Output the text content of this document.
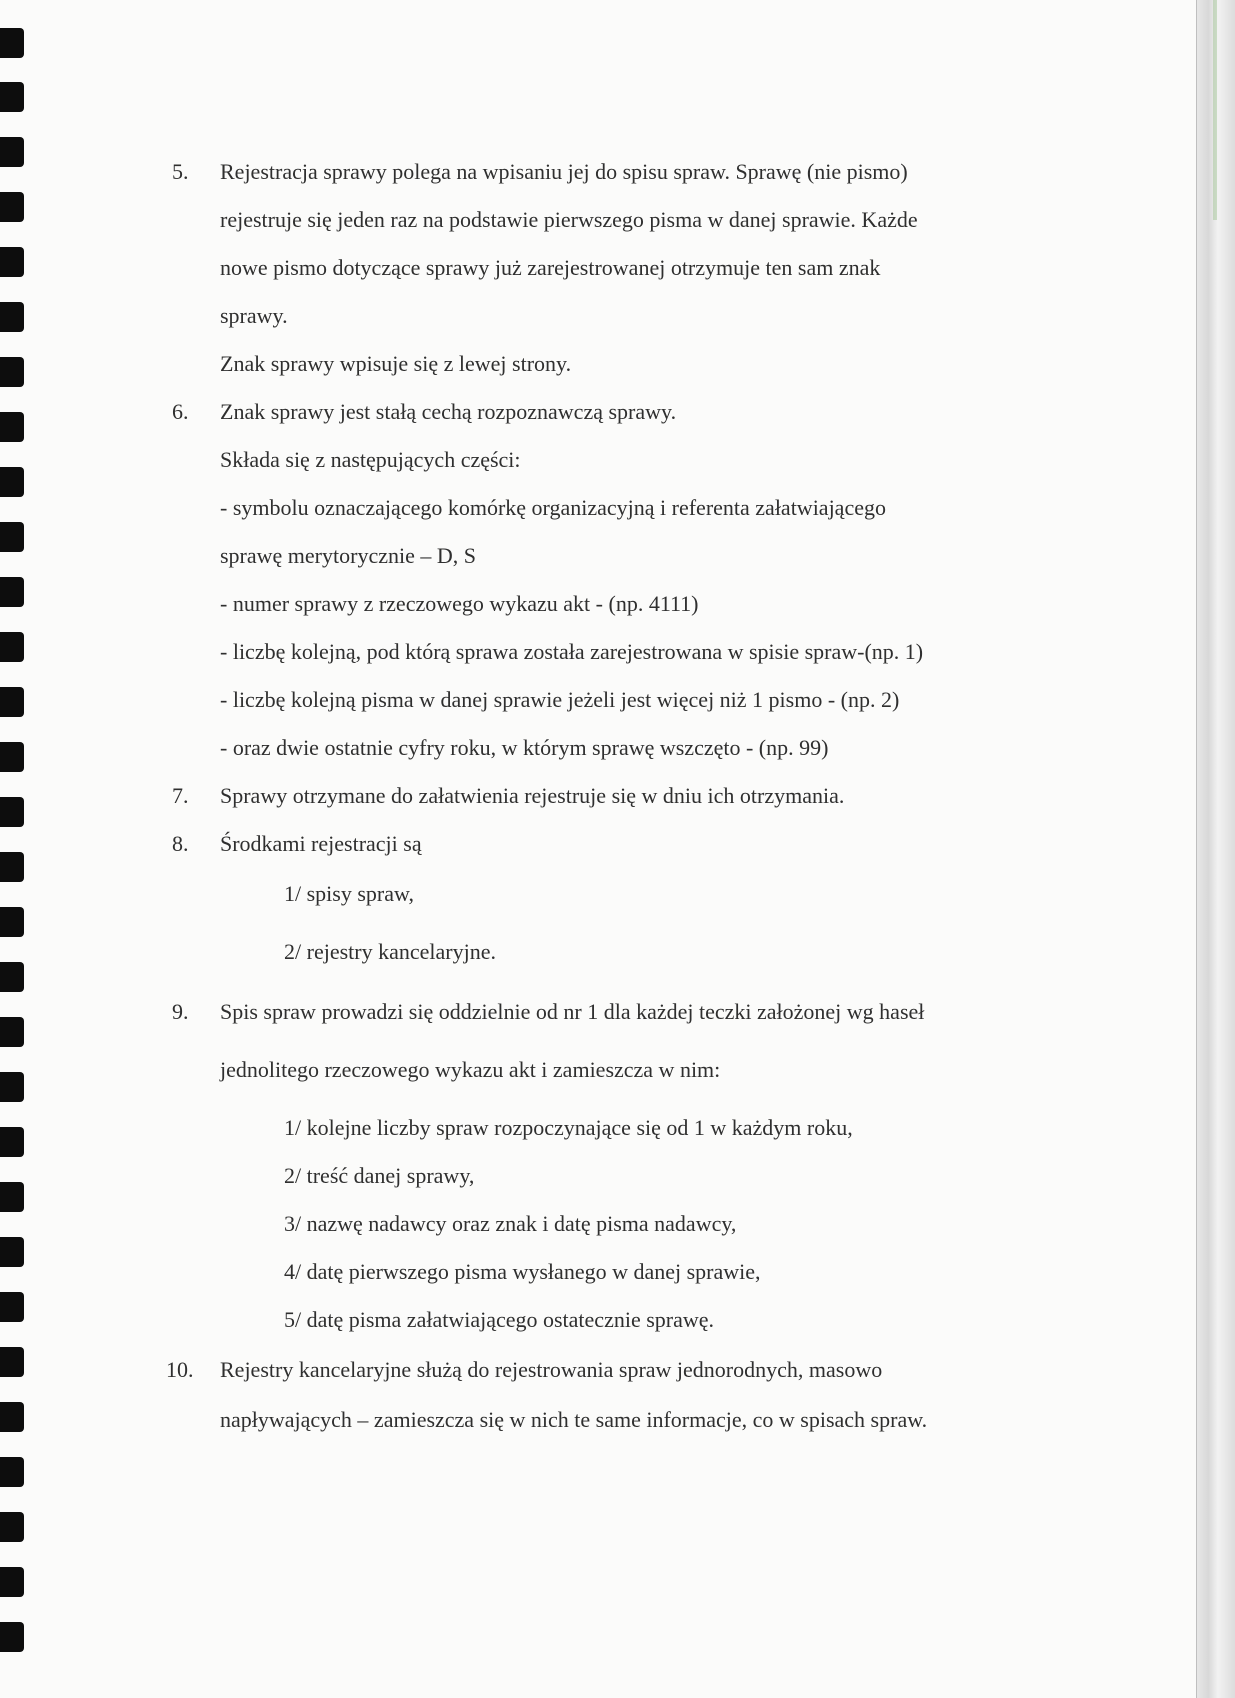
5.	Rejestracja sprawy polega na wpisaniu jej do spisu spraw. Sprawę (nie pismo)
rejestruje się jeden raz na podstawie pierwszego pisma w danej sprawie. Każde
nowe pismo dotyczące sprawy już zarejestrowanej otrzymuje ten sam znak
sprawy.
Znak sprawy wpisuje się z lewej strony.
6.	Znak sprawy jest stałą cechą rozpoznawczą sprawy.
Składa się z następujących części:
- symbolu oznaczającego komórkę organizacyjną i referenta załatwiającego
sprawę merytorycznie – D, S
- numer sprawy z rzeczowego wykazu akt - (np. 4111)
- liczbę kolejną, pod którą sprawa została zarejestrowana w spisie spraw-(np. 1)
- liczbę kolejną pisma w danej sprawie jeżeli jest więcej niż 1 pismo - (np. 2)
- oraz dwie ostatnie cyfry roku, w którym sprawę wszczęto - (np. 99)
7.	Sprawy otrzymane do załatwienia rejestruje się w dniu ich otrzymania.
8.	Środkami rejestracji są
1/ spisy spraw,
2/ rejestry kancelaryjne.
9.	Spis spraw prowadzi się oddzielnie od nr 1 dla każdej teczki założonej wg haseł
jednolitego rzeczowego wykazu akt i zamieszcza w nim:
1/ kolejne liczby spraw rozpoczynające się od 1 w każdym roku,
2/ treść danej sprawy,
3/ nazwę nadawcy oraz znak i datę pisma nadawcy,
4/ datę pierwszego pisma wysłanego w danej sprawie,
5/ datę pisma załatwiającego ostatecznie sprawę.
10.	Rejestry kancelaryjne służą do rejestrowania spraw jednorodnych, masowo
napływających – zamieszcza się w nich te same informacje, co w spisach spraw.
